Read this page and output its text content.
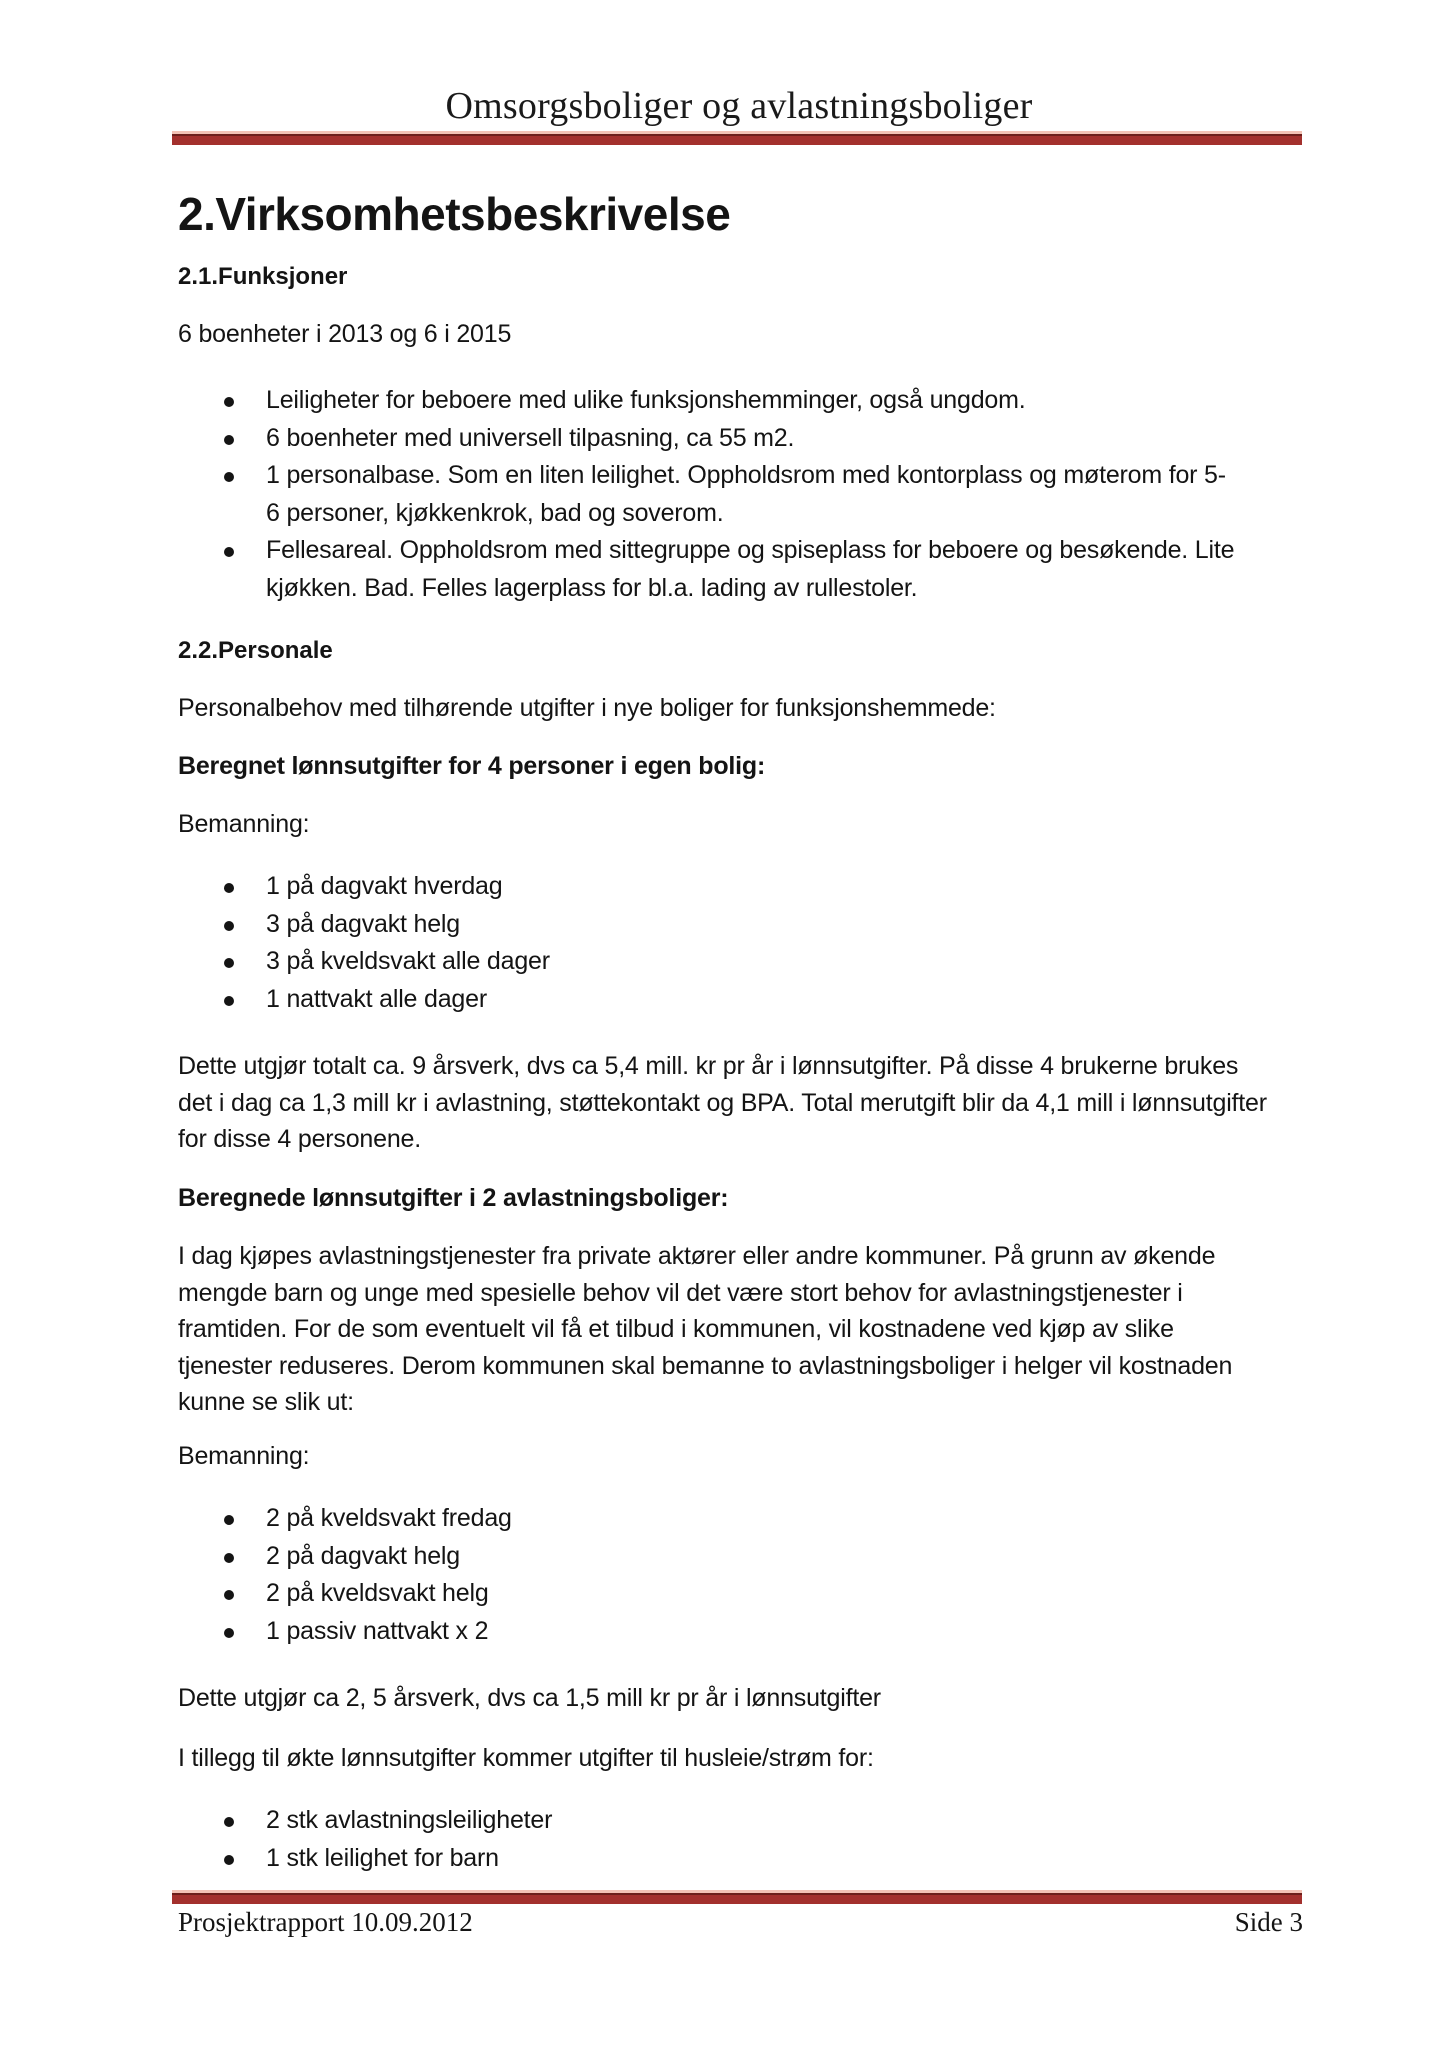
Omsorgsboliger og avlastningsboliger
2.Virksomhetsbeskrivelse
2.1.Funksjoner
6 boenheter i 2013 og 6 i 2015
Leiligheter for beboere med ulike funksjonshemminger, også ungdom.
6 boenheter med universell tilpasning, ca 55 m2.
1 personalbase. Som en liten leilighet. Oppholdsrom med kontorplass og møterom for 5-6 personer, kjøkkenkrok, bad og soverom.
Fellesareal. Oppholdsrom med sittegruppe og spiseplass for beboere og besøkende. Lite kjøkken. Bad. Felles lagerplass for bl.a. lading av rullestoler.
2.2.Personale
Personalbehov med tilhørende utgifter i nye boliger for funksjonshemmede:
Beregnet lønnsutgifter for 4 personer i egen bolig:
Bemanning:
1 på dagvakt hverdag
3 på dagvakt helg
3 på kveldsvakt alle dager
1 nattvakt alle dager
Dette utgjør totalt ca. 9 årsverk, dvs ca 5,4 mill. kr pr år i lønnsutgifter. På disse 4 brukerne brukes det i dag ca 1,3 mill kr i avlastning, støttekontakt og BPA. Total merutgift blir da 4,1 mill i lønnsutgifter for disse 4 personene.
Beregnede lønnsutgifter i 2 avlastningsboliger:
I dag kjøpes avlastningstjenester fra private aktører eller andre kommuner. På grunn av økende mengde barn og unge med spesielle behov vil det være stort behov for avlastningstjenester i framtiden. For de som eventuelt vil få et tilbud i kommunen, vil kostnadene ved kjøp av slike tjenester reduseres. Derom kommunen skal bemanne to avlastningsboliger i helger vil kostnaden kunne se slik ut:
Bemanning:
2 på kveldsvakt fredag
2 på dagvakt helg
2 på kveldsvakt helg
1 passiv nattvakt x 2
Dette utgjør ca 2, 5 årsverk, dvs ca 1,5 mill kr pr år i lønnsutgifter
I tillegg til økte lønnsutgifter kommer utgifter til husleie/strøm for:
2 stk avlastningsleiligheter
1 stk leilighet for barn
Prosjektrapport 10.09.2012	Side 3
